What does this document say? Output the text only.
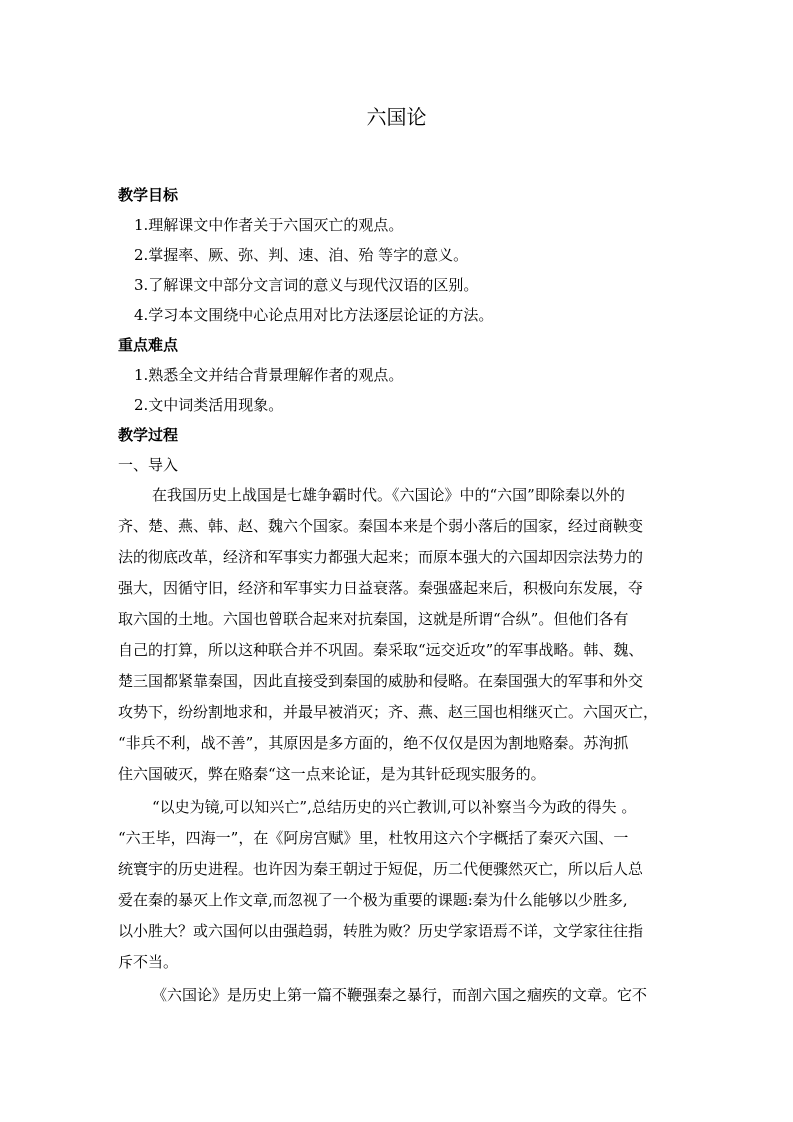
六国论
教学目标
1.理解课文中作者关于六国灭亡的观点。
2.掌握率、厥、弥、判、速、洎、殆 等字的意义。
3.了解课文中部分文言词的意义与现代汉语的区别。
4.学习本文围绕中心论点用对比方法逐层论证的方法。
重点难点
1.熟悉全文并结合背景理解作者的观点。
2.文中词类活用现象。
教学过程
一、导入
在我国历史上战国是七雄争霸时代。《六国论》中的“六国”即除秦以外的
齐、楚、燕、韩、赵、魏六个国家。秦国本来是个弱小落后的国家，经过商鞅变
法的彻底改革，经济和军事实力都强大起来；而原本强大的六国却因宗法势力的
强大，因循守旧，经济和军事实力日益衰落。秦强盛起来后，积极向东发展，夺
取六国的土地。六国也曾联合起来对抗秦国，这就是所谓“合纵”。但他们各有
自己的打算，所以这种联合并不巩固。秦采取“远交近攻”的军事战略。韩、魏、
楚三国都紧靠秦国，因此直接受到秦国的威胁和侵略。在秦国强大的军事和外交
攻势下，纷纷割地求和，并最早被消灭；齐、燕、赵三国也相继灭亡。六国灭亡，
“非兵不利，战不善”，其原因是多方面的，绝不仅仅是因为割地赂秦。苏洵抓
住六国破灭，弊在赂秦“这一点来论证，是为其针砭现实服务的。
“以史为镜,可以知兴亡”,总结历史的兴亡教训,可以补察当今为政的得失 。
“六王毕，四海一”，在《阿房宫赋》里，杜牧用这六个字概括了秦灭六国、一
统寰宇的历史进程。也许因为秦王朝过于短促，历二代便骤然灭亡，所以后人总
爱在秦的暴灭上作文章,而忽视了一个极为重要的课题:秦为什么能够以少胜多,
以小胜大？或六国何以由强趋弱，转胜为败？历史学家语焉不详，文学家往往指
斥不当。
《六国论》是历史上第一篇不鞭强秦之暴行，而剖六国之痼疾的文章。它不
